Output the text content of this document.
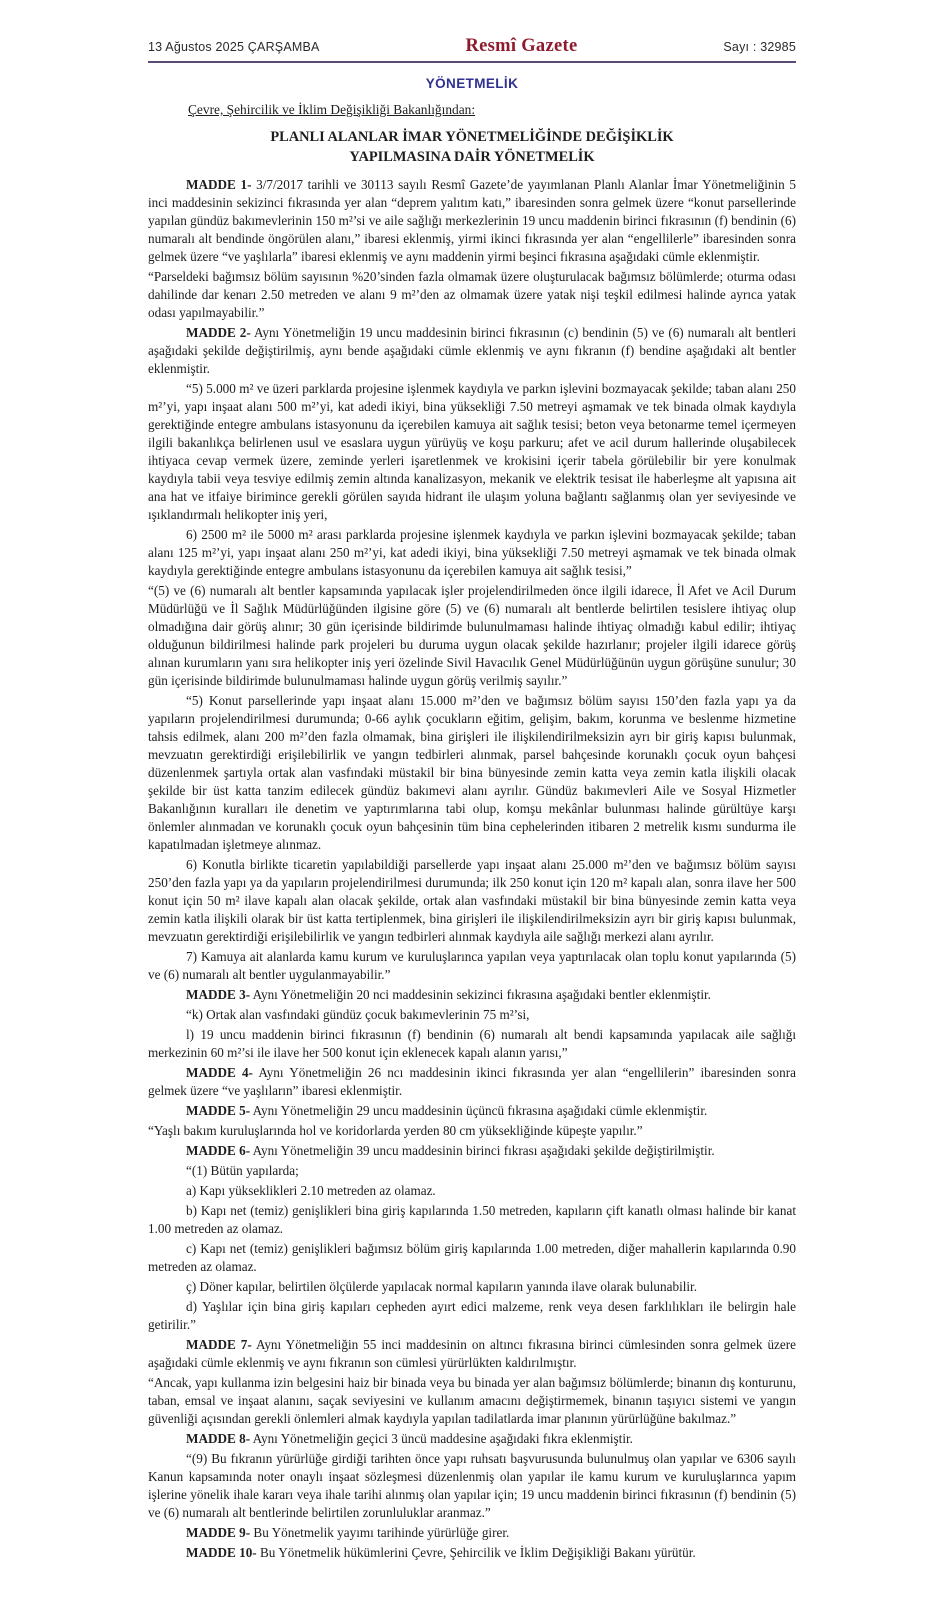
13 Ağustos 2025 ÇARŞAMBA	Resmî Gazete	Sayı : 32985
YÖNETMELİK
Çevre, Şehircilik ve İklim Değişikliği Bakanlığından:
PLANLI ALANLAR İMAR YÖNETMELİĞİNDE DEĞİŞİKLİK
YAPILMASINA DAİR YÖNETMELİK

MADDE 1- 3/7/2017 tarihli ve 30113 sayılı Resmî Gazete’de yayımlanan Planlı Alanlar İmar Yönetmeliğinin 5 inci maddesinin sekizinci fıkrasında yer alan “deprem yalıtım katı,” ibaresinden sonra gelmek üzere “konut parsellerinde yapılan gündüz bakımevlerinin 150 m²’si ve aile sağlığı merkezlerinin 19 uncu maddenin birinci fıkrasının (f) bendinin (6) numaralı alt bendinde öngörülen alanı,” ibaresi eklenmiş, yirmi ikinci fıkrasında yer alan “engellilerle” ibaresinden sonra gelmek üzere “ve yaşlılarla” ibaresi eklenmiş ve aynı maddenin yirmi beşinci fıkrasına aşağıdaki cümle eklenmiştir.

“Parseldeki bağımsız bölüm sayısının %20’sinden fazla olmamak üzere oluşturulacak bağımsız bölümlerde; oturma odası dahilinde dar kenarı 2.50 metreden ve alanı 9 m²’den az olmamak üzere yatak nişi teşkil edilmesi halinde ayrıca yatak odası yapılmayabilir.”

MADDE 2- Aynı Yönetmeliğin 19 uncu maddesinin birinci fıkrasının (c) bendinin (5) ve (6) numaralı alt bentleri aşağıdaki şekilde değiştirilmiş, aynı bende aşağıdaki cümle eklenmiş ve aynı fıkranın (f) bendine aşağıdaki alt bentler eklenmiştir.

“5) 5.000 m² ve üzeri parklarda projesine işlenmek kaydıyla ve parkın işlevini bozmayacak şekilde; taban alanı 250 m²’yi, yapı inşaat alanı 500 m²’yi, kat adedi ikiyi, bina yüksekliği 7.50 metreyi aşmamak ve tek binada olmak kaydıyla gerektiğinde entegre ambulans istasyonunu da içerebilen kamuya ait sağlık tesisi; beton veya betonarme temel içermeyen ilgili bakanlıkça belirlenen usul ve esaslara uygun yürüyüş ve koşu parkuru; afet ve acil durum hallerinde oluşabilecek ihtiyaca cevap vermek üzere, zeminde yerleri işaretlenmek ve krokisini içerir tabela görülebilir bir yere konulmak kaydıyla tabii veya tesviye edilmiş zemin altında kanalizasyon, mekanik ve elektrik tesisat ile haberleşme alt yapısına ait ana hat ve itfaiye birimince gerekli görülen sayıda hidrant ile ulaşım yoluna bağlantı sağlanmış olan yer seviyesinde ve ışıklandırmalı helikopter iniş yeri,

6) 2500 m² ile 5000 m² arası parklarda projesine işlenmek kaydıyla ve parkın işlevini bozmayacak şekilde; taban alanı 125 m²’yi, yapı inşaat alanı 250 m²’yi, kat adedi ikiyi, bina yüksekliği 7.50 metreyi aşmamak ve tek binada olmak kaydıyla gerektiğinde entegre ambulans istasyonunu da içerebilen kamuya ait sağlık tesisi,”

“(5) ve (6) numaralı alt bentler kapsamında yapılacak işler projelendirilmeden önce ilgili idarece, İl Afet ve Acil Durum Müdürlüğü ve İl Sağlık Müdürlüğünden ilgisine göre (5) ve (6) numaralı alt bentlerde belirtilen tesislere ihtiyaç olup olmadığına dair görüş alınır; 30 gün içerisinde bildirimde bulunulmaması halinde ihtiyaç olmadığı kabul edilir; ihtiyaç olduğunun bildirilmesi halinde park projeleri bu duruma uygun olacak şekilde hazırlanır; projeler ilgili idarece görüş alınan kurumların yanı sıra helikopter iniş yeri özelinde Sivil Havacılık Genel Müdürlüğünün uygun görüşüne sunulur; 30 gün içerisinde bildirimde bulunulmaması halinde uygun görüş verilmiş sayılır.”

“5) Konut parsellerinde yapı inşaat alanı 15.000 m²’den ve bağımsız bölüm sayısı 150’den fazla yapı ya da yapıların projelendirilmesi durumunda; 0-66 aylık çocukların eğitim, gelişim, bakım, korunma ve beslenme hizmetine tahsis edilmek, alanı 200 m²’den fazla olmamak, bina girişleri ile ilişkilendirilmeksizin ayrı bir giriş kapısı bulunmak, mevzuatın gerektirdiği erişilebilirlik ve yangın tedbirleri alınmak, parsel bahçesinde korunaklı çocuk oyun bahçesi düzenlenmek şartıyla ortak alan vasfındaki müstakil bir bina bünyesinde zemin katta veya zemin katla ilişkili olacak şekilde bir üst katta tanzim edilecek gündüz bakımevi alanı ayrılır. Gündüz bakımevleri Aile ve Sosyal Hizmetler Bakanlığının kuralları ile denetim ve yaptırımlarına tabi olup, komşu mekânlar bulunması halinde gürültüye karşı önlemler alınmadan ve korunaklı çocuk oyun bahçesinin tüm bina cephelerinden itibaren 2 metrelik kısmı sundurma ile kapatılmadan işletmeye alınmaz.

6) Konutla birlikte ticaretin yapılabildiği parsellerde yapı inşaat alanı 25.000 m²’den ve bağımsız bölüm sayısı 250’den fazla yapı ya da yapıların projelendirilmesi durumunda; ilk 250 konut için 120 m² kapalı alan, sonra ilave her 500 konut için 50 m² ilave kapalı alan olacak şekilde, ortak alan vasfındaki müstakil bir bina bünyesinde zemin katta veya zemin katla ilişkili olarak bir üst katta tertiplenmek, bina girişleri ile ilişkilendirilmeksizin ayrı bir giriş kapısı bulunmak, mevzuatın gerektirdiği erişilebilirlik ve yangın tedbirleri alınmak kaydıyla aile sağlığı merkezi alanı ayrılır.

7) Kamuya ait alanlarda kamu kurum ve kuruluşlarınca yapılan veya yaptırılacak olan toplu konut yapılarında (5) ve (6) numaralı alt bentler uygulanmayabilir.”

MADDE 3- Aynı Yönetmeliğin 20 nci maddesinin sekizinci fıkrasına aşağıdaki bentler eklenmiştir.

“k) Ortak alan vasfındaki gündüz çocuk bakımevlerinin 75 m²’si,

l) 19 uncu maddenin birinci fıkrasının (f) bendinin (6) numaralı alt bendi kapsamında yapılacak aile sağlığı merkezinin 60 m²’si ile ilave her 500 konut için eklenecek kapalı alanın yarısı,”

MADDE 4- Aynı Yönetmeliğin 26 ncı maddesinin ikinci fıkrasında yer alan “engellilerin” ibaresinden sonra gelmek üzere “ve yaşlıların” ibaresi eklenmiştir.

MADDE 5- Aynı Yönetmeliğin 29 uncu maddesinin üçüncü fıkrasına aşağıdaki cümle eklenmiştir.

“Yaşlı bakım kuruluşlarında hol ve koridorlarda yerden 80 cm yüksekliğinde küpeşte yapılır.”

MADDE 6- Aynı Yönetmeliğin 39 uncu maddesinin birinci fıkrası aşağıdaki şekilde değiştirilmiştir.

“(1) Bütün yapılarda;

a) Kapı yükseklikleri 2.10 metreden az olamaz.

b) Kapı net (temiz) genişlikleri bina giriş kapılarında 1.50 metreden, kapıların çift kanatlı olması halinde bir kanat 1.00 metreden az olamaz.

c) Kapı net (temiz) genişlikleri bağımsız bölüm giriş kapılarında 1.00 metreden, diğer mahallerin kapılarında 0.90 metreden az olamaz.

ç) Döner kapılar, belirtilen ölçülerde yapılacak normal kapıların yanında ilave olarak bulunabilir.

d) Yaşlılar için bina giriş kapıları cepheden ayırt edici malzeme, renk veya desen farklılıkları ile belirgin hale getirilir.”

MADDE 7- Aynı Yönetmeliğin 55 inci maddesinin on altıncı fıkrasına birinci cümlesinden sonra gelmek üzere aşağıdaki cümle eklenmiş ve aynı fıkranın son cümlesi yürürlükten kaldırılmıştır.

“Ancak, yapı kullanma izin belgesini haiz bir binada veya bu binada yer alan bağımsız bölümlerde; binanın dış konturunu, taban, emsal ve inşaat alanını, saçak seviyesini ve kullanım amacını değiştirmemek, binanın taşıyıcı sistemi ve yangın güvenliği açısından gerekli önlemleri almak kaydıyla yapılan tadilatlarda imar planının yürürlüğüne bakılmaz.”

MADDE 8- Aynı Yönetmeliğin geçici 3 üncü maddesine aşağıdaki fıkra eklenmiştir.

“(9) Bu fıkranın yürürlüğe girdiği tarihten önce yapı ruhsatı başvurusunda bulunulmuş olan yapılar ve 6306 sayılı Kanun kapsamında noter onaylı inşaat sözleşmesi düzenlenmiş olan yapılar ile kamu kurum ve kuruluşlarınca yapım işlerine yönelik ihale kararı veya ihale tarihi alınmış olan yapılar için; 19 uncu maddenin birinci fıkrasının (f) bendinin (5) ve (6) numaralı alt bentlerinde belirtilen zorunluluklar aranmaz.”

MADDE 9- Bu Yönetmelik yayımı tarihinde yürürlüğe girer.

MADDE 10- Bu Yönetmelik hükümlerini Çevre, Şehircilik ve İklim Değişikliği Bakanı yürütür.
